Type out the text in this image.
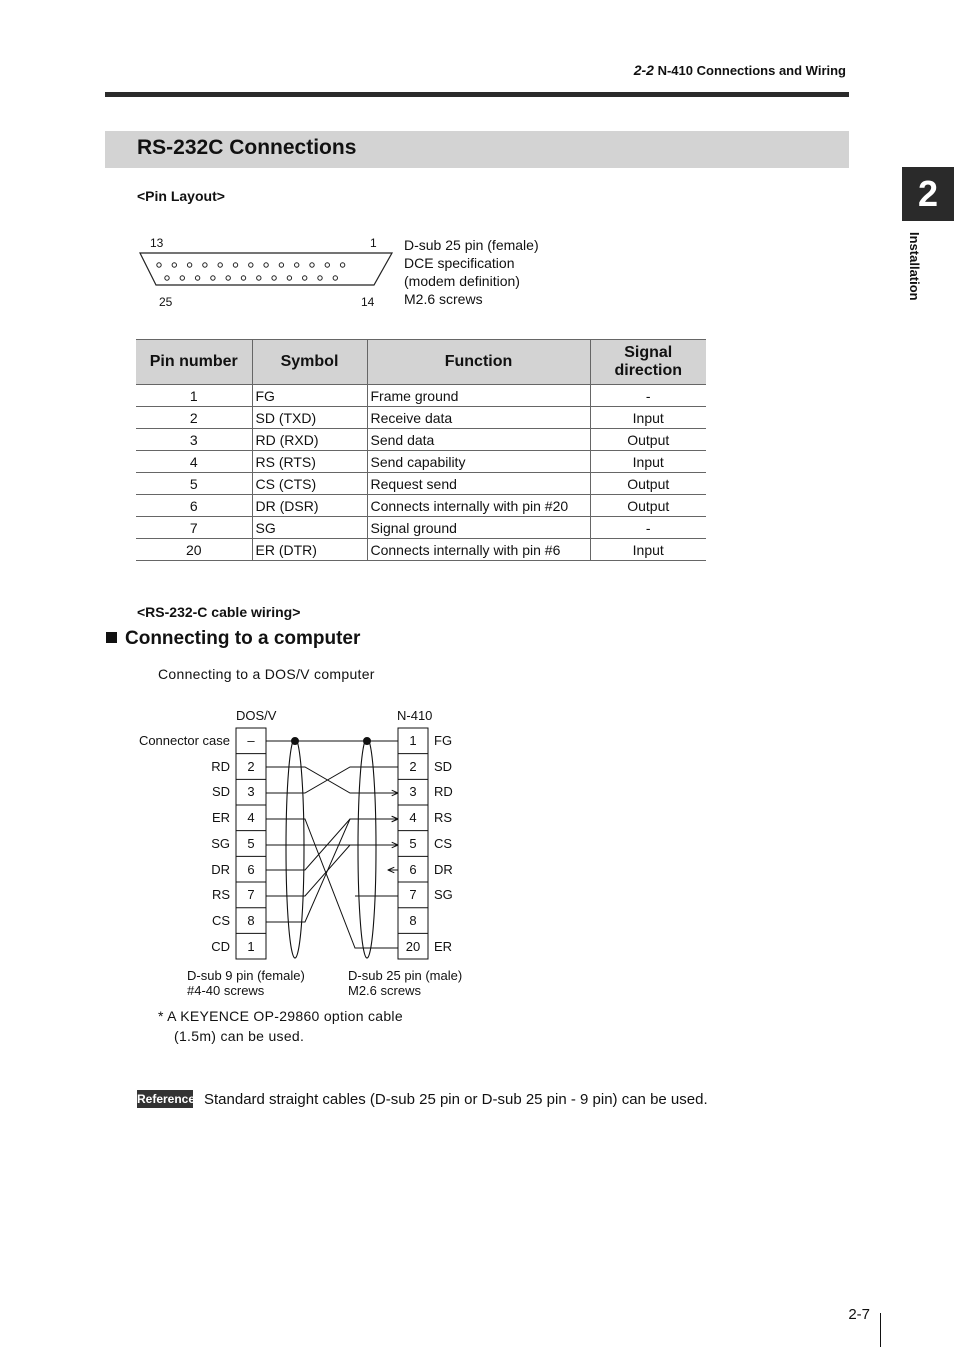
2-2 N-410 Connections and Wiring
RS-232C Connections
2
Installation
<Pin Layout>
13	1
25	14
D-sub 25 pin (female)
DCE specification
(modem definition)
M2.6 screws
Pin number	Symbol	Function	Signal
direction
1	FG	Frame ground	-
2	SD (TXD)	Receive data	Input
3	RD (RXD)	Send data	Output
4	RS (RTS)	Send capability	Input
5	CS (CTS)	Request send	Output
6	DR (DSR)	Connects internally with pin #20	Output
7	SG	Signal ground	-
20	ER (DTR)	Connects internally with pin #6	Input
<RS-232-C cable wiring>
Connecting to a computer
Connecting to a DOS/V computer
DOS/V	N-410
Connector case	–	1	FG
RD	2	2	SD
SD	3	3	RD
ER	4	4	RS
SG	5	5	CS
DR	6	6	DR
RS	7	7	SG
CS	8	8
CD	1	20	ER
D-sub 9 pin (female)
#4-40 screws
D-sub 25 pin (male)
M2.6 screws
* A KEYENCE OP-29860 option cable
(1.5m) can be used.
Reference Standard straight cables (D-sub 25 pin or D-sub 25 pin - 9 pin) can be used.
2-7
